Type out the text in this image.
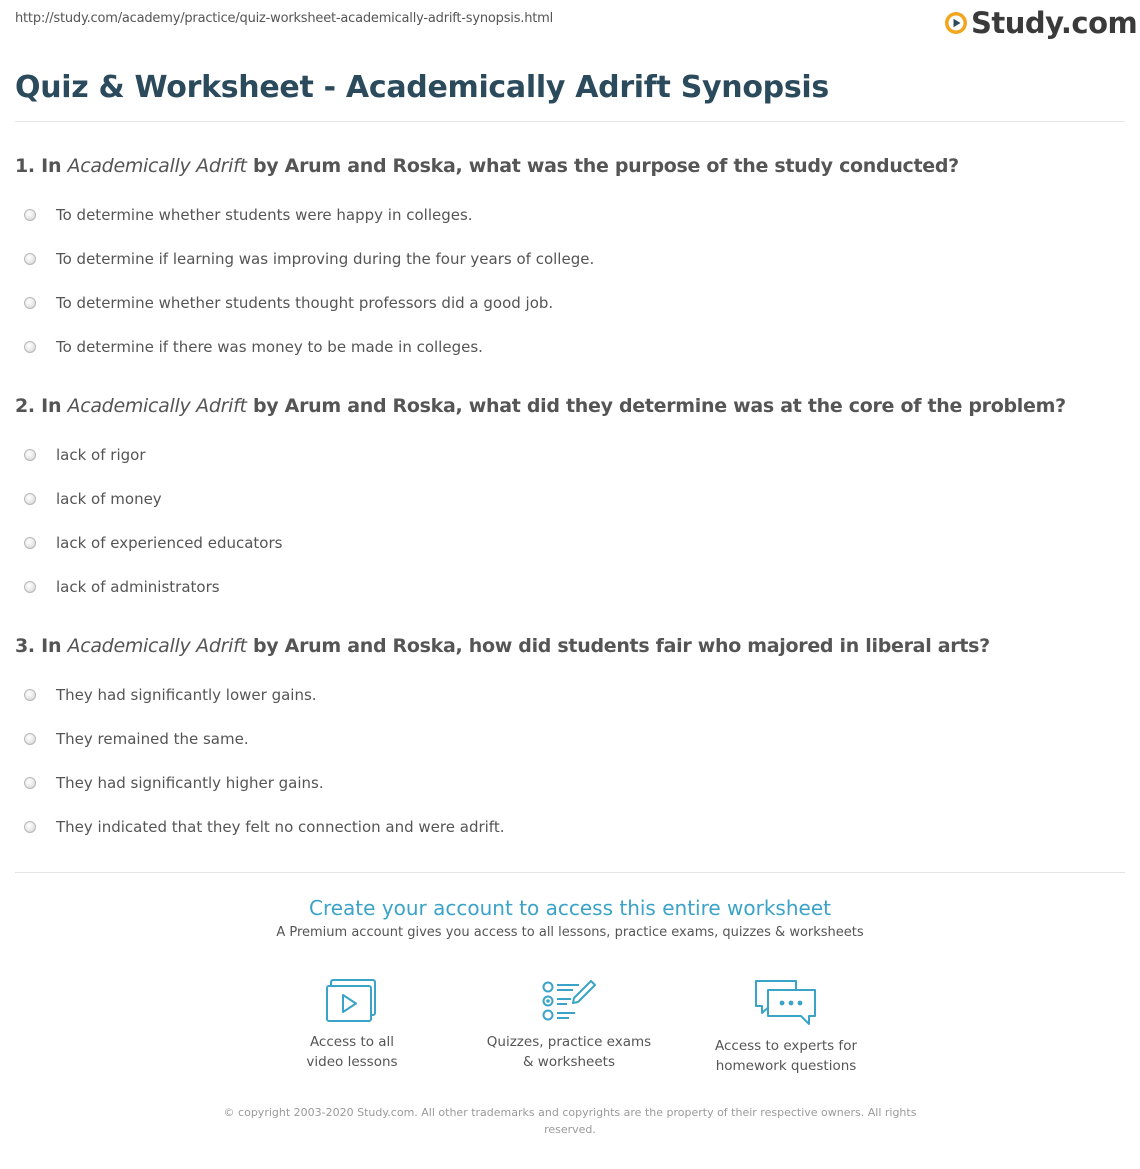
http://study.com/academy/practice/quiz-worksheet-academically-adrift-synopsis.html	Study.com
Quiz & Worksheet - Academically Adrift Synopsis
1. In Academically Adrift by Arum and Roska, what was the purpose of the study conducted?
To determine whether students were happy in colleges.
To determine if learning was improving during the four years of college.
To determine whether students thought professors did a good job.
To determine if there was money to be made in colleges.
2. In Academically Adrift by Arum and Roska, what did they determine was at the core of the problem?
lack of rigor
lack of money
lack of experienced educators
lack of administrators
3. In Academically Adrift by Arum and Roska, how did students fair who majored in liberal arts?
They had significantly lower gains.
They remained the same.
They had significantly higher gains.
They indicated that they felt no connection and were adrift.
Create your account to access this entire worksheet
A Premium account gives you access to all lessons, practice exams, quizzes & worksheets
Access to all
video lessons
Quizzes, practice exams
& worksheets
Access to experts for
homework questions
© copyright 2003-2020 Study.com. All other trademarks and copyrights are the property of their respective owners. All rights reserved.
